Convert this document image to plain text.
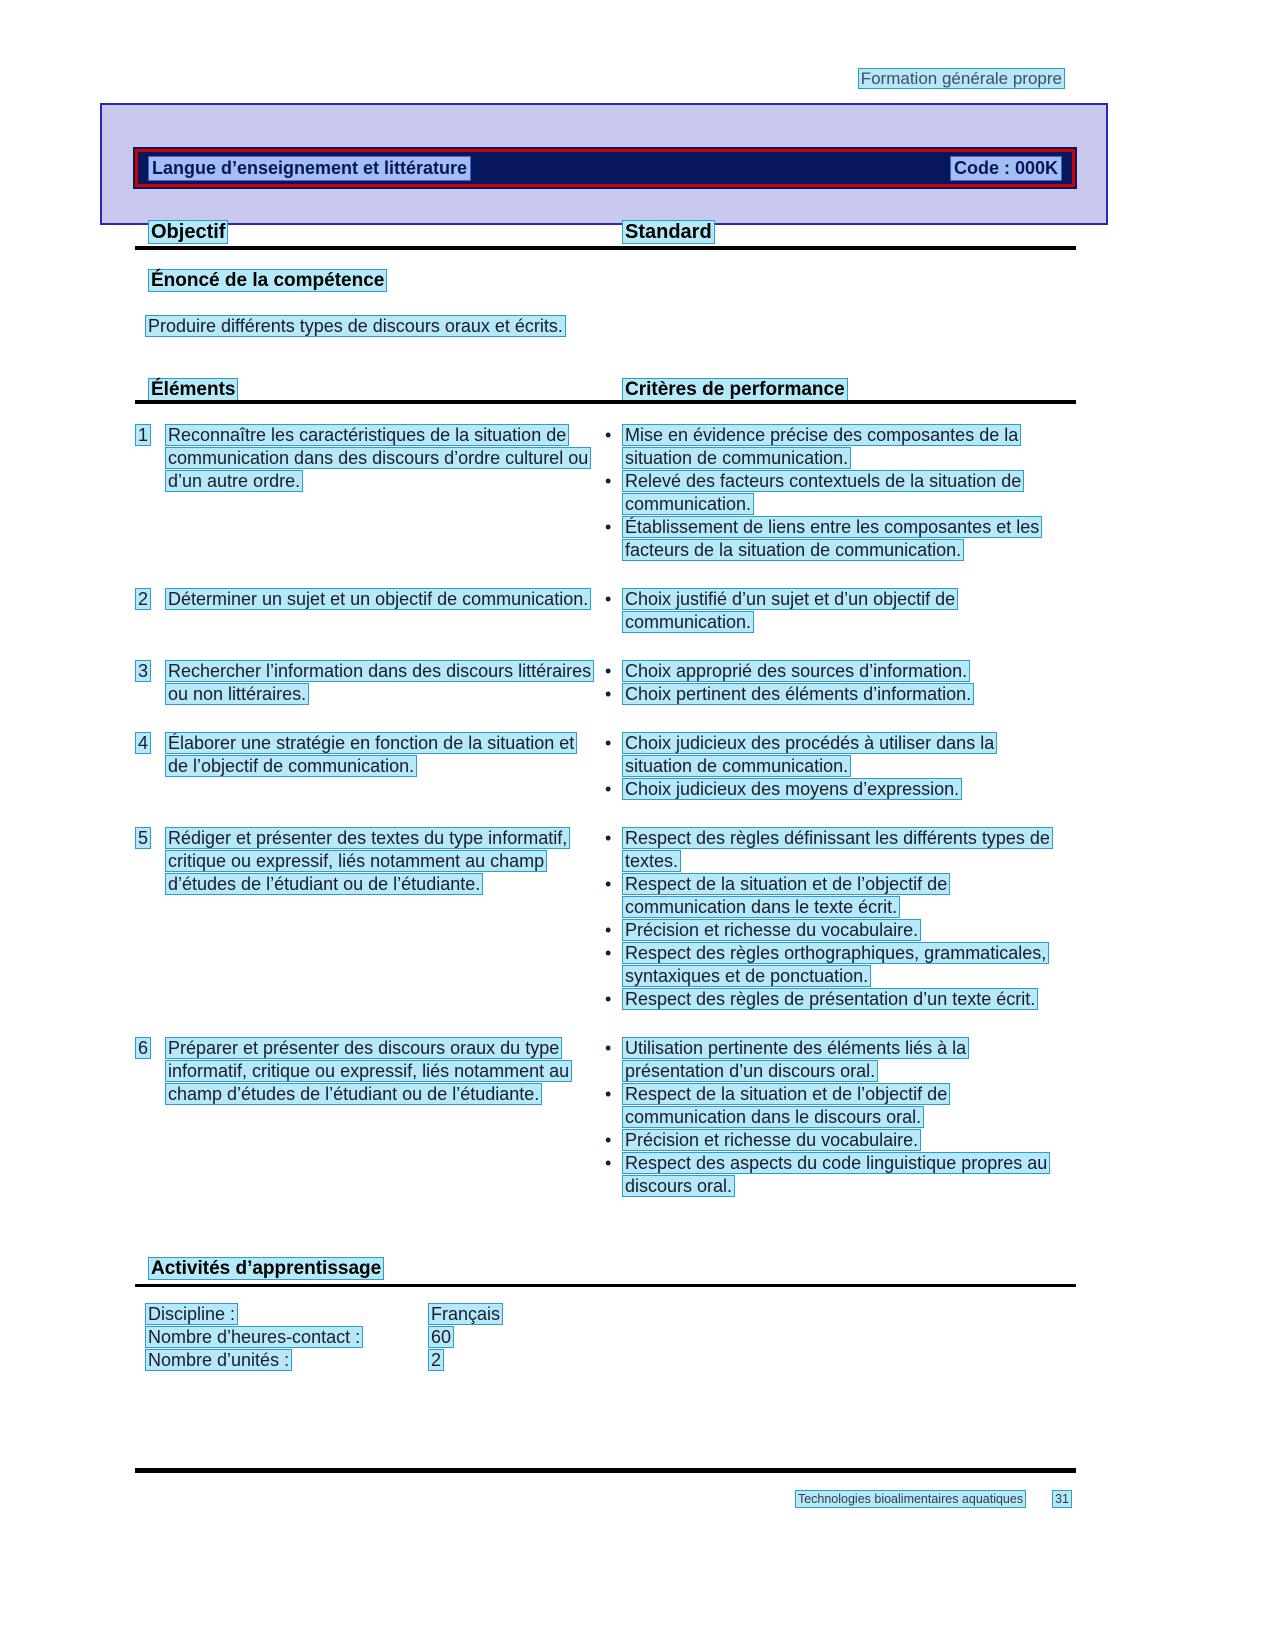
Formation générale propre
Langue d’enseignement et littérature	Code : 000K
Objectif	Standard
Énoncé de la compétence
Produire différents types de discours oraux et écrits.
Éléments	Critères de performance
1	Reconnaître les caractéristiques de la situation de communication dans des discours d’ordre culturel ou d’un autre ordre.
• Mise en évidence précise des composantes de la situation de communication.
• Relevé des facteurs contextuels de la situation de communication.
• Établissement de liens entre les composantes et les facteurs de la situation de communication.
2	Déterminer un sujet et un objectif de communication. • Choix justifié d’un sujet et d’un objectif de communication.
3	Rechercher l’information dans des discours littéraires ou non littéraires.
• Choix approprié des sources d’information.
• Choix pertinent des éléments d’information.
4	Élaborer une stratégie en fonction de la situation et de l’objectif de communication.
• Choix judicieux des procédés à utiliser dans la situation de communication.
• Choix judicieux des moyens d’expression.
5	Rédiger et présenter des textes du type informatif, critique ou expressif, liés notamment au champ d’études de l’étudiant ou de l’étudiante.
• Respect des règles définissant les différents types de textes.
• Respect de la situation et de l’objectif de communication dans le texte écrit.
• Précision et richesse du vocabulaire.
• Respect des règles orthographiques, grammaticales, syntaxiques et de ponctuation.
• Respect des règles de présentation d’un texte écrit.
6	Préparer et présenter des discours oraux du type informatif, critique ou expressif, liés notamment au champ d’études de l’étudiant ou de l’étudiante.
• Utilisation pertinente des éléments liés à la présentation d’un discours oral.
• Respect de la situation et de l’objectif de communication dans le discours oral.
• Précision et richesse du vocabulaire.
• Respect des aspects du code linguistique propres au discours oral.
Activités d’apprentissage
Discipline :	Français
Nombre d’heures-contact :	60
Nombre d’unités :	2
Technologies bioalimentaires aquatiques	31
